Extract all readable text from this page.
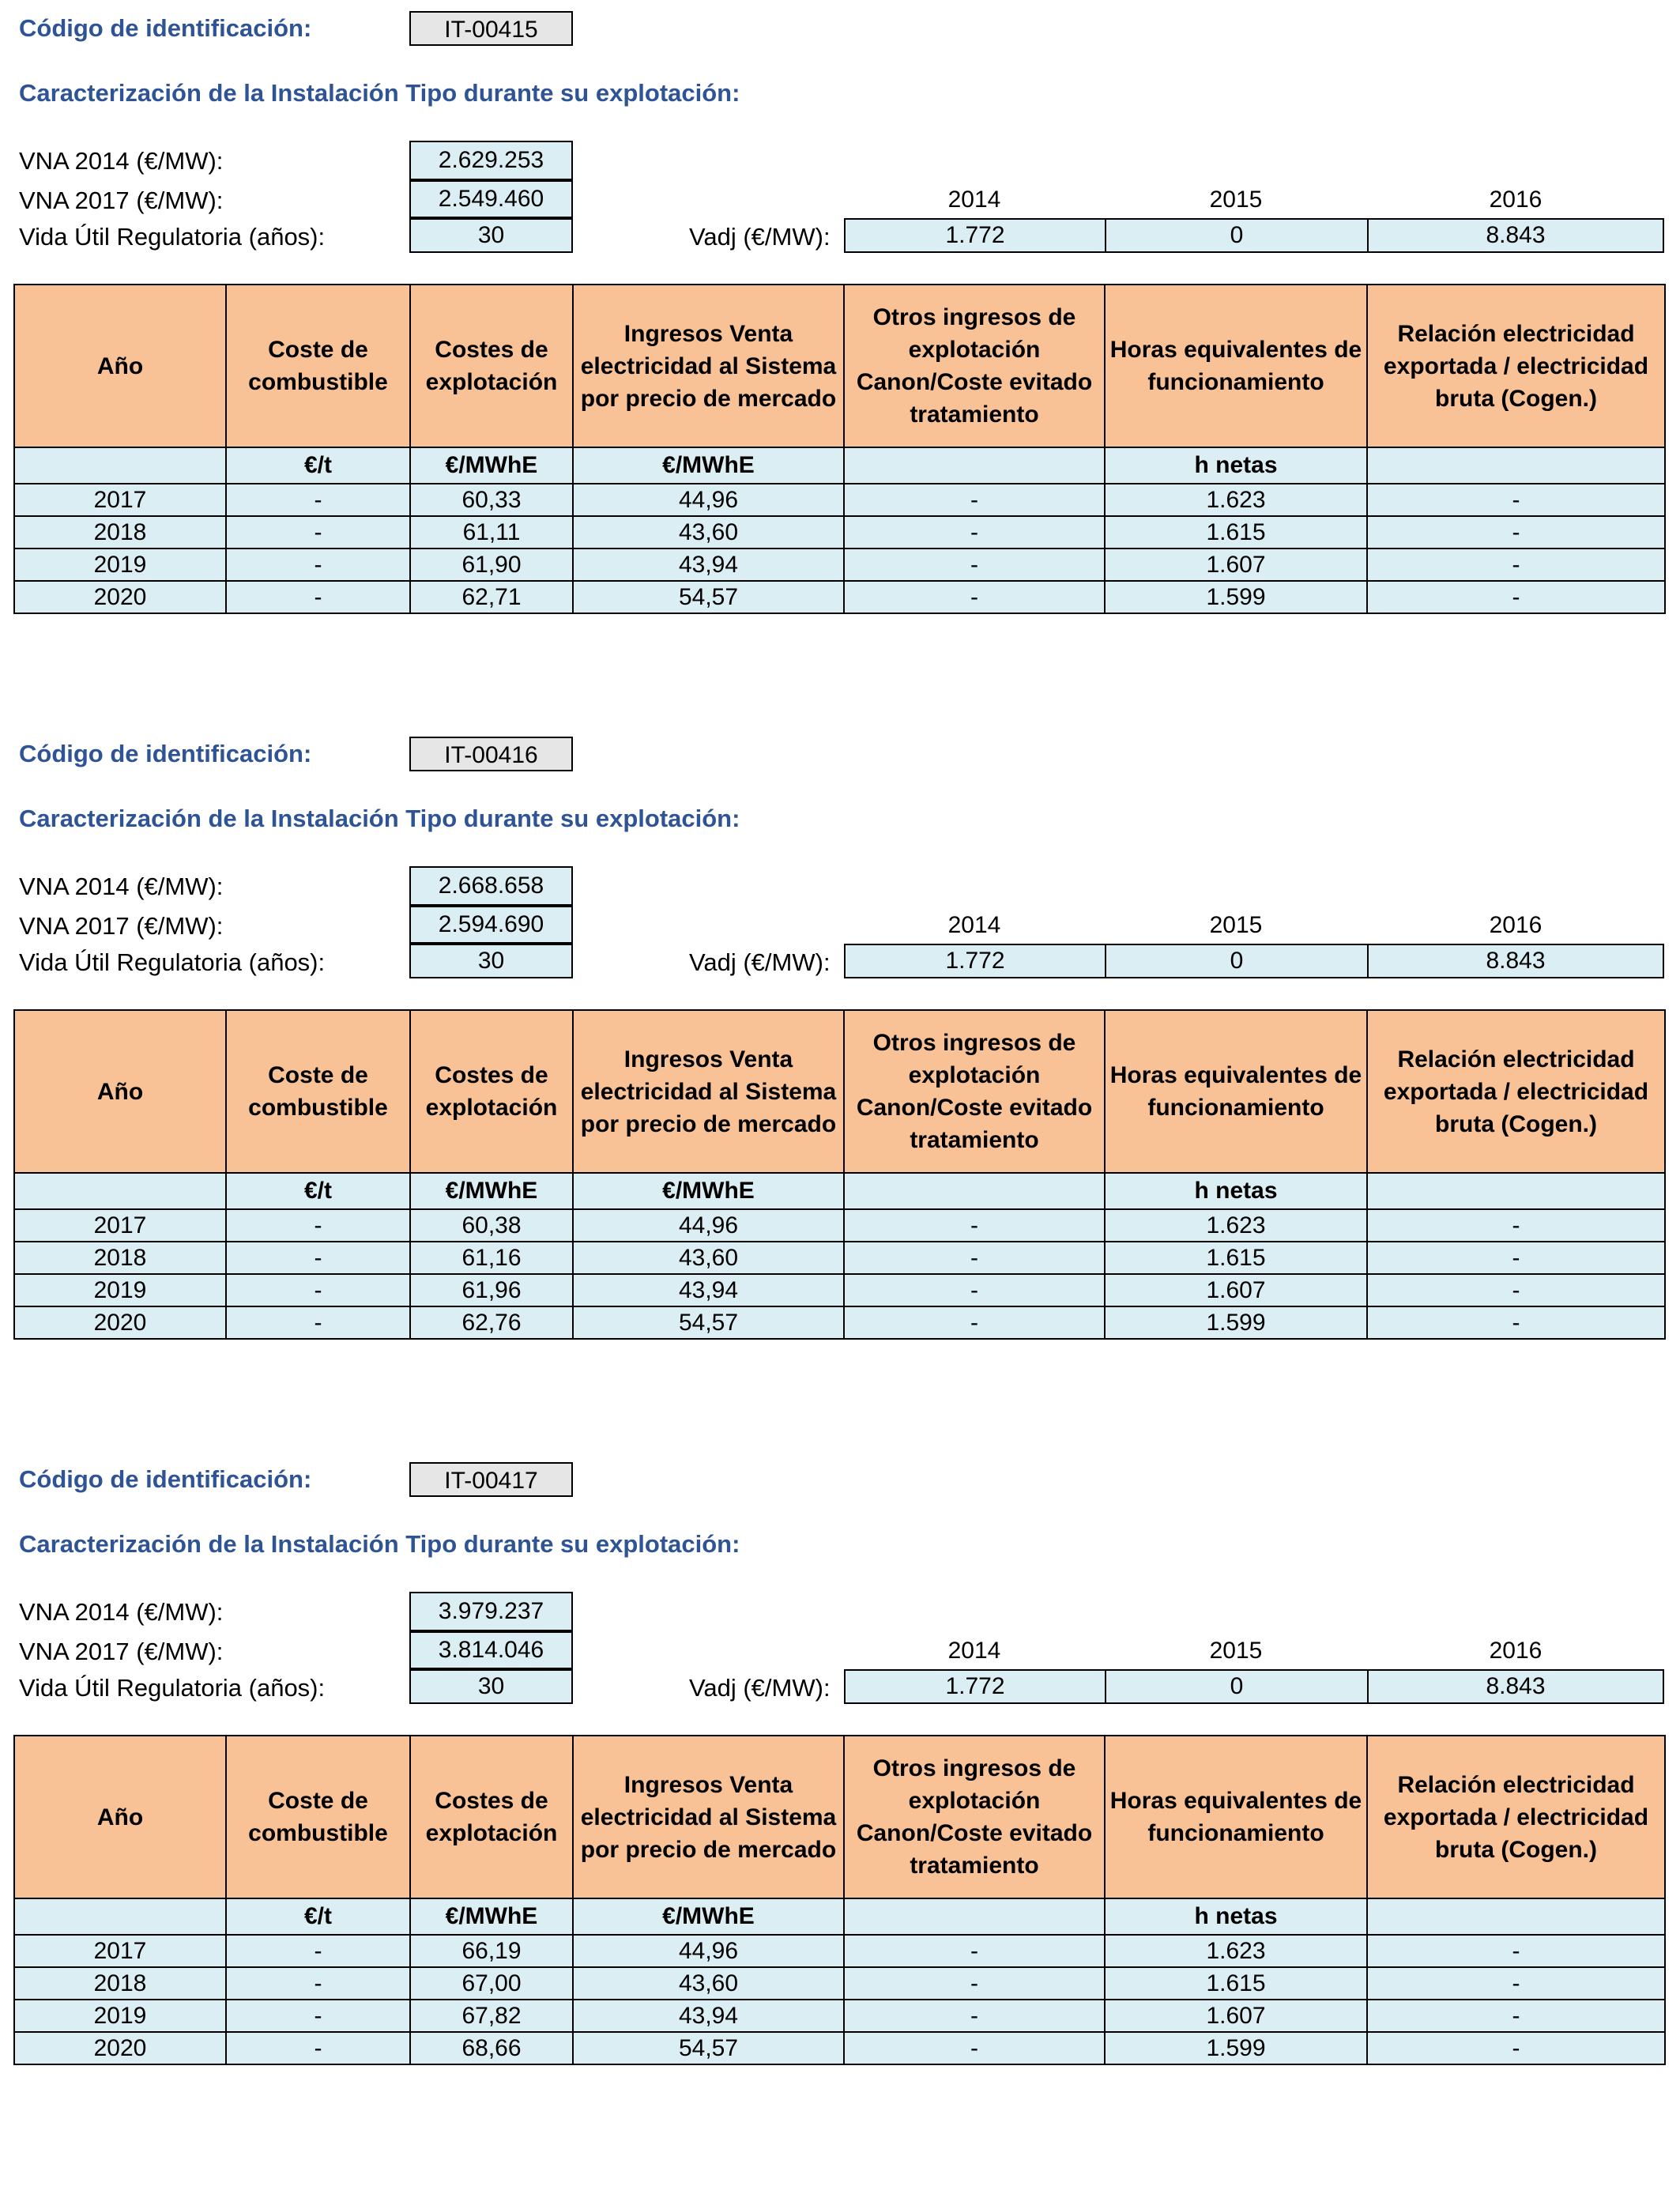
Código de identificación:	IT-00415
Caracterización de la Instalación Tipo durante su explotación:
VNA 2014 (€/MW):	2.629.253
VNA 2017 (€/MW):	2.549.460
Vida Útil Regulatoria (años):	30
2014	2015	2016
Vadj (€/MW):	1.772	0	8.843
Año	Coste de combustible	Costes de explotación	Ingresos Venta electricidad al Sistema por precio de mercado	Otros ingresos de explotación Canon/Coste evitado tratamiento	Horas equivalentes de funcionamiento	Relación electricidad exportada / electricidad bruta (Cogen.)
	€/t	€/MWhE	€/MWhE		h netas	
2017	-	60,33	44,96	-	1.623	-
2018	-	61,11	43,60	-	1.615	-
2019	-	61,90	43,94	-	1.607	-
2020	-	62,71	54,57	-	1.599	-
Código de identificación:	IT-00416
Caracterización de la Instalación Tipo durante su explotación:
VNA 2014 (€/MW):	2.668.658
VNA 2017 (€/MW):	2.594.690
Vida Útil Regulatoria (años):	30
2014	2015	2016
Vadj (€/MW):	1.772	0	8.843
Año	Coste de combustible	Costes de explotación	Ingresos Venta electricidad al Sistema por precio de mercado	Otros ingresos de explotación Canon/Coste evitado tratamiento	Horas equivalentes de funcionamiento	Relación electricidad exportada / electricidad bruta (Cogen.)
	€/t	€/MWhE	€/MWhE		h netas	
2017	-	60,38	44,96	-	1.623	-
2018	-	61,16	43,60	-	1.615	-
2019	-	61,96	43,94	-	1.607	-
2020	-	62,76	54,57	-	1.599	-
Código de identificación:	IT-00417
Caracterización de la Instalación Tipo durante su explotación:
VNA 2014 (€/MW):	3.979.237
VNA 2017 (€/MW):	3.814.046
Vida Útil Regulatoria (años):	30
2014	2015	2016
Vadj (€/MW):	1.772	0	8.843
Año	Coste de combustible	Costes de explotación	Ingresos Venta electricidad al Sistema por precio de mercado	Otros ingresos de explotación Canon/Coste evitado tratamiento	Horas equivalentes de funcionamiento	Relación electricidad exportada / electricidad bruta (Cogen.)
	€/t	€/MWhE	€/MWhE		h netas	
2017	-	66,19	44,96	-	1.623	-
2018	-	67,00	43,60	-	1.615	-
2019	-	67,82	43,94	-	1.607	-
2020	-	68,66	54,57	-	1.599	-
